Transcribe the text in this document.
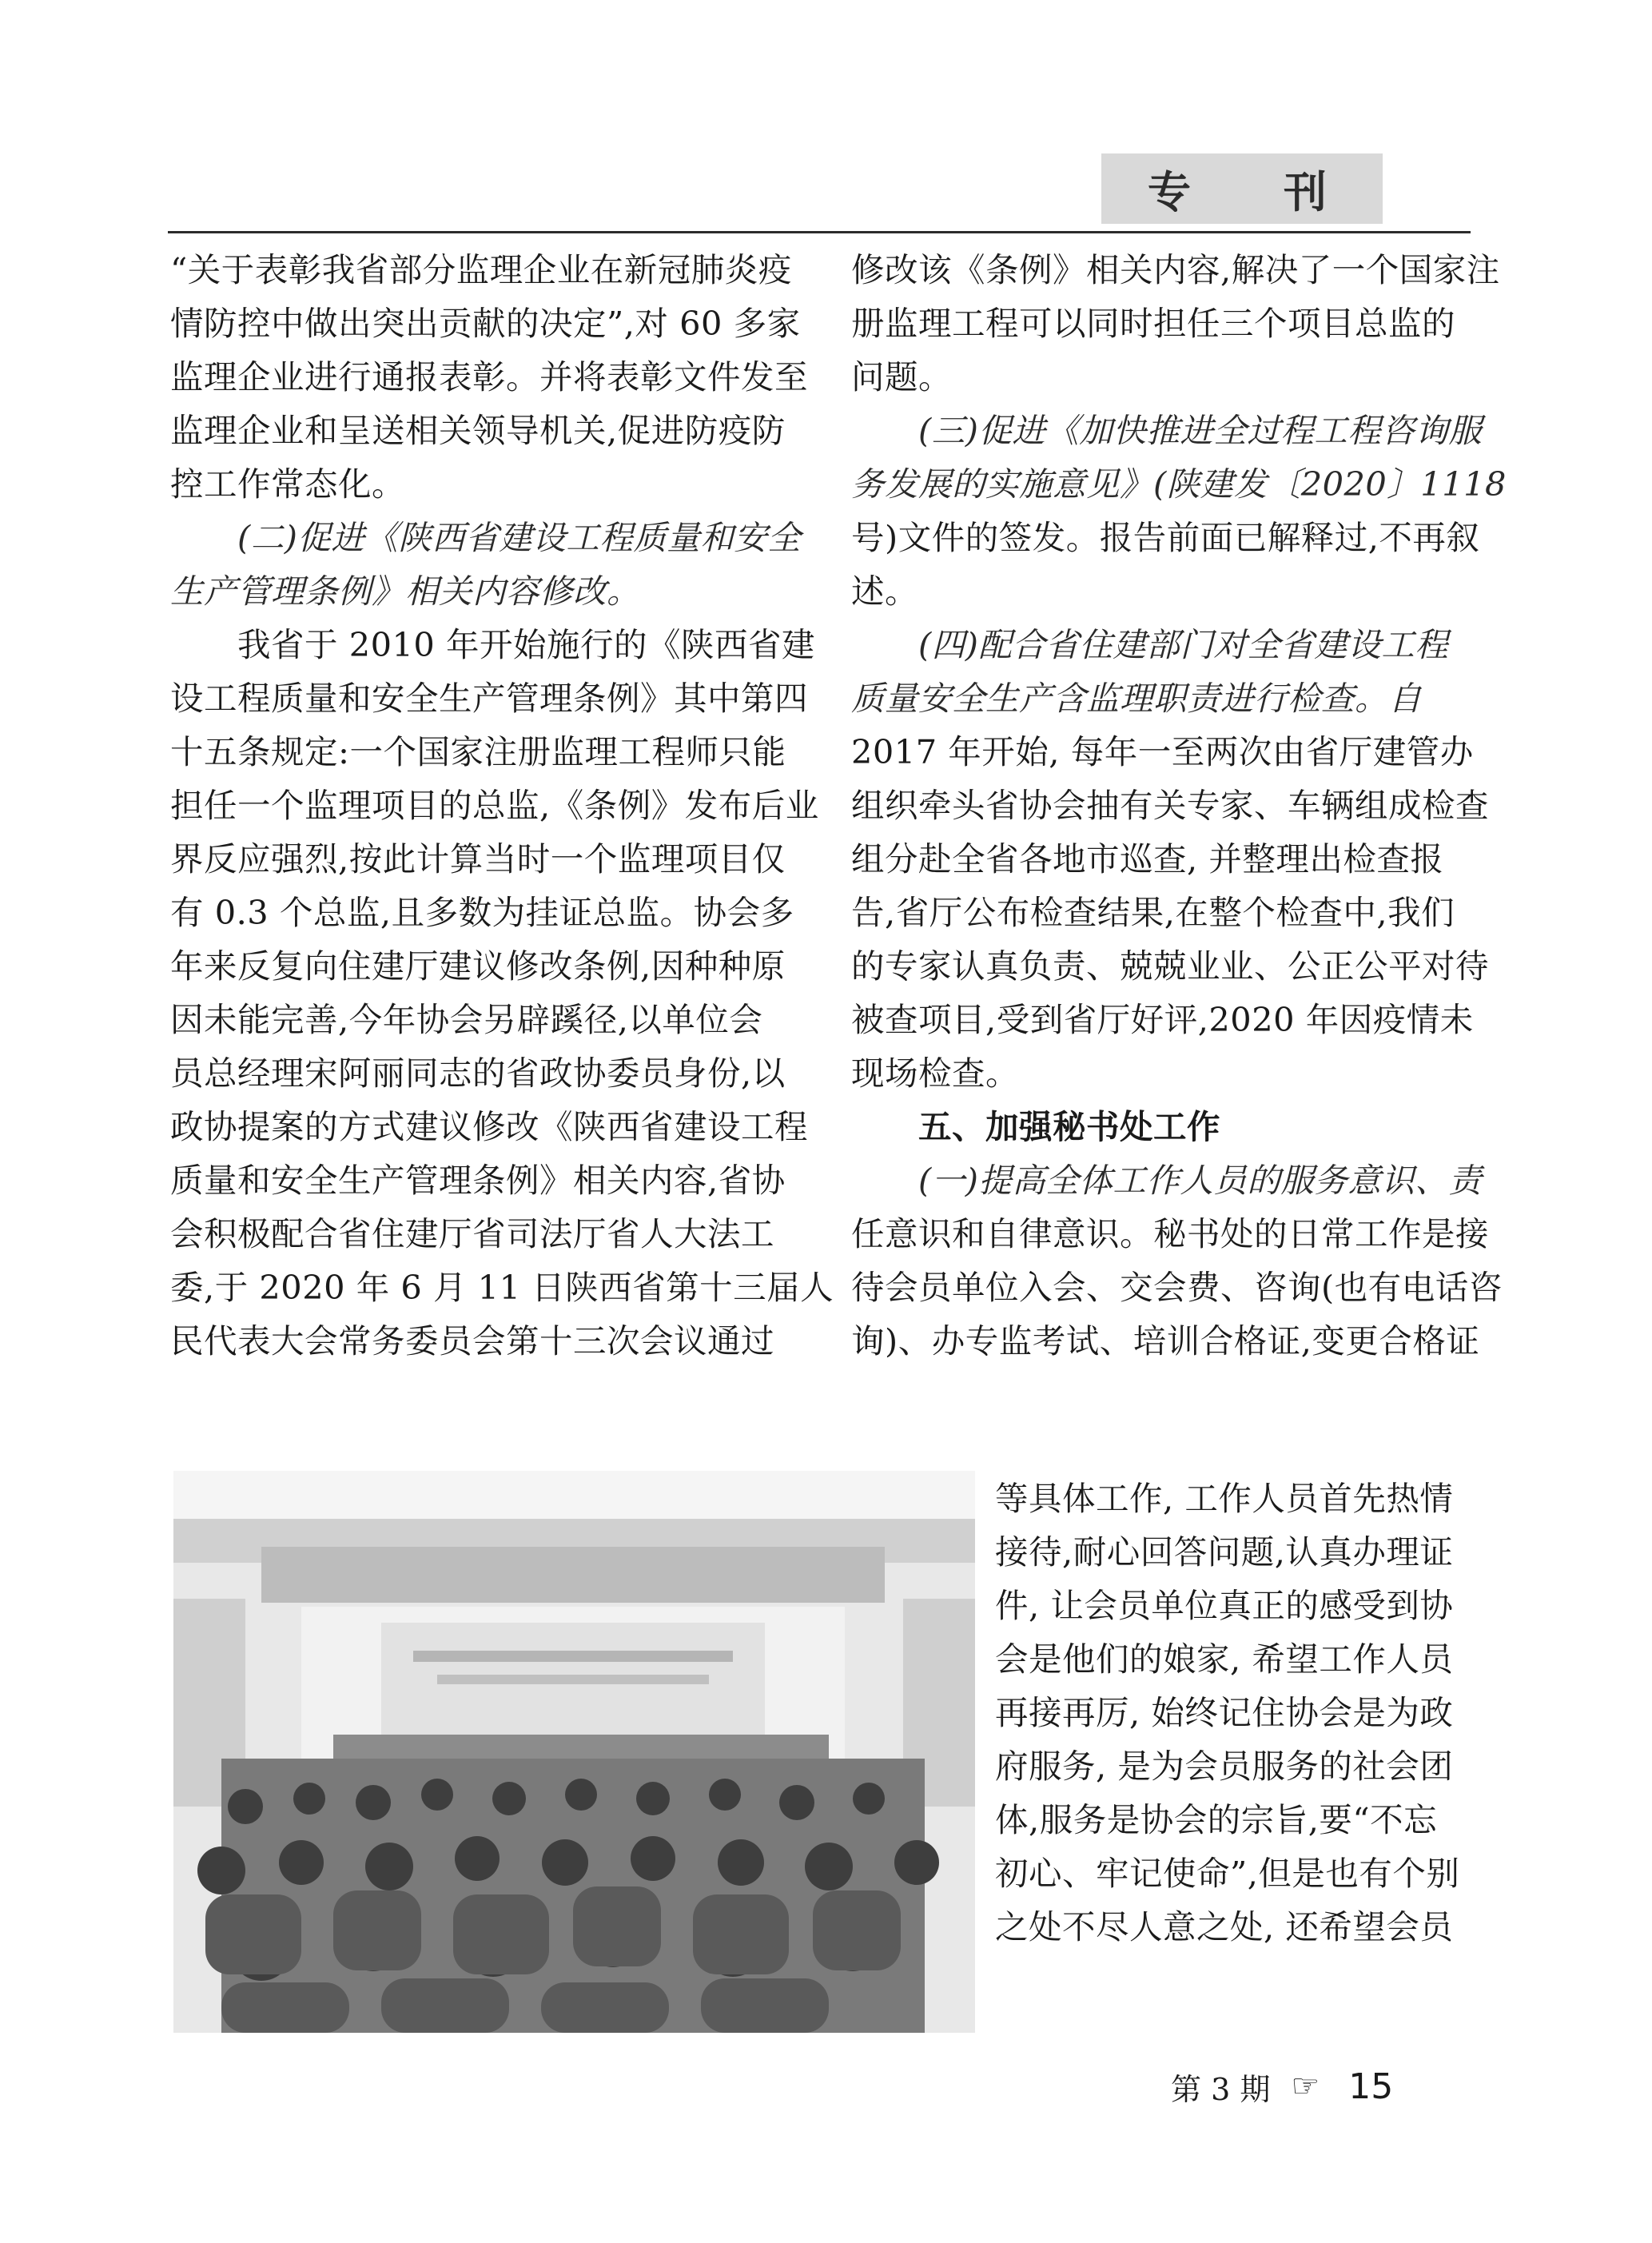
专 刊

“关于表彰我省部分监理企业在新冠肺炎疫

情防控中做出突出贡献的决定”,对 60 多家

监理企业进行通报表彰。并将表彰文件发至

监理企业和呈送相关领导机关,促进防疫防

控工作常态化。

(二)促进《陕西省建设工程质量和安全

生产管理条例》相关内容修改。

我省于 2010 年开始施行的《陕西省建

设工程质量和安全生产管理条例》其中第四

十五条规定:一个国家注册监理工程师只能

担任一个监理项目的总监,《条例》发布后业

界反应强烈,按此计算当时一个监理项目仅

有 0.3 个总监,且多数为挂证总监。协会多

年来反复向住建厅建议修改条例,因种种原

因未能完善,今年协会另辟蹊径,以单位会

员总经理宋阿丽同志的省政协委员身份,以

政协提案的方式建议修改《陕西省建设工程

质量和安全生产管理条例》相关内容,省协

会积极配合省住建厅省司法厅省人大法工

委,于 2020 年 6 月 11 日陕西省第十三届人

民代表大会常务委员会第十三次会议通过

修改该《条例》相关内容,解决了一个国家注

册监理工程可以同时担任三个项目总监的

问题。

(三)促进《加快推进全过程工程咨询服

务发展的实施意见》(陕建发〔2020〕1118

号)文件的签发。报告前面已解释过,不再叙

述。

(四)配合省住建部门对全省建设工程

质量安全生产含监理职责进行检查。自

2017 年开始, 每年一至两次由省厅建管办

组织牵头省协会抽有关专家、车辆组成检查

组分赴全省各地市巡查, 并整理出检查报

告,省厅公布检查结果,在整个检查中,我们

的专家认真负责、兢兢业业、公正公平对待

被查项目,受到省厅好评,2020 年因疫情未

现场检查。

五、加强秘书处工作

(一)提高全体工作人员的服务意识、责

任意识和自律意识。秘书处的日常工作是接

待会员单位入会、交会费、咨询(也有电话咨

询)、办专监考试、培训合格证,变更合格证

等具体工作, 工作人员首先热情

接待,耐心回答问题,认真办理证

件, 让会员单位真正的感受到协

会是他们的娘家, 希望工作人员

再接再厉, 始终记住协会是为政

府服务, 是为会员服务的社会团

体,服务是协会的宗旨,要“不忘

初心、牢记使命”,但是也有个别

之处不尽人意之处, 还希望会员

第 3 期 ☞ 15
